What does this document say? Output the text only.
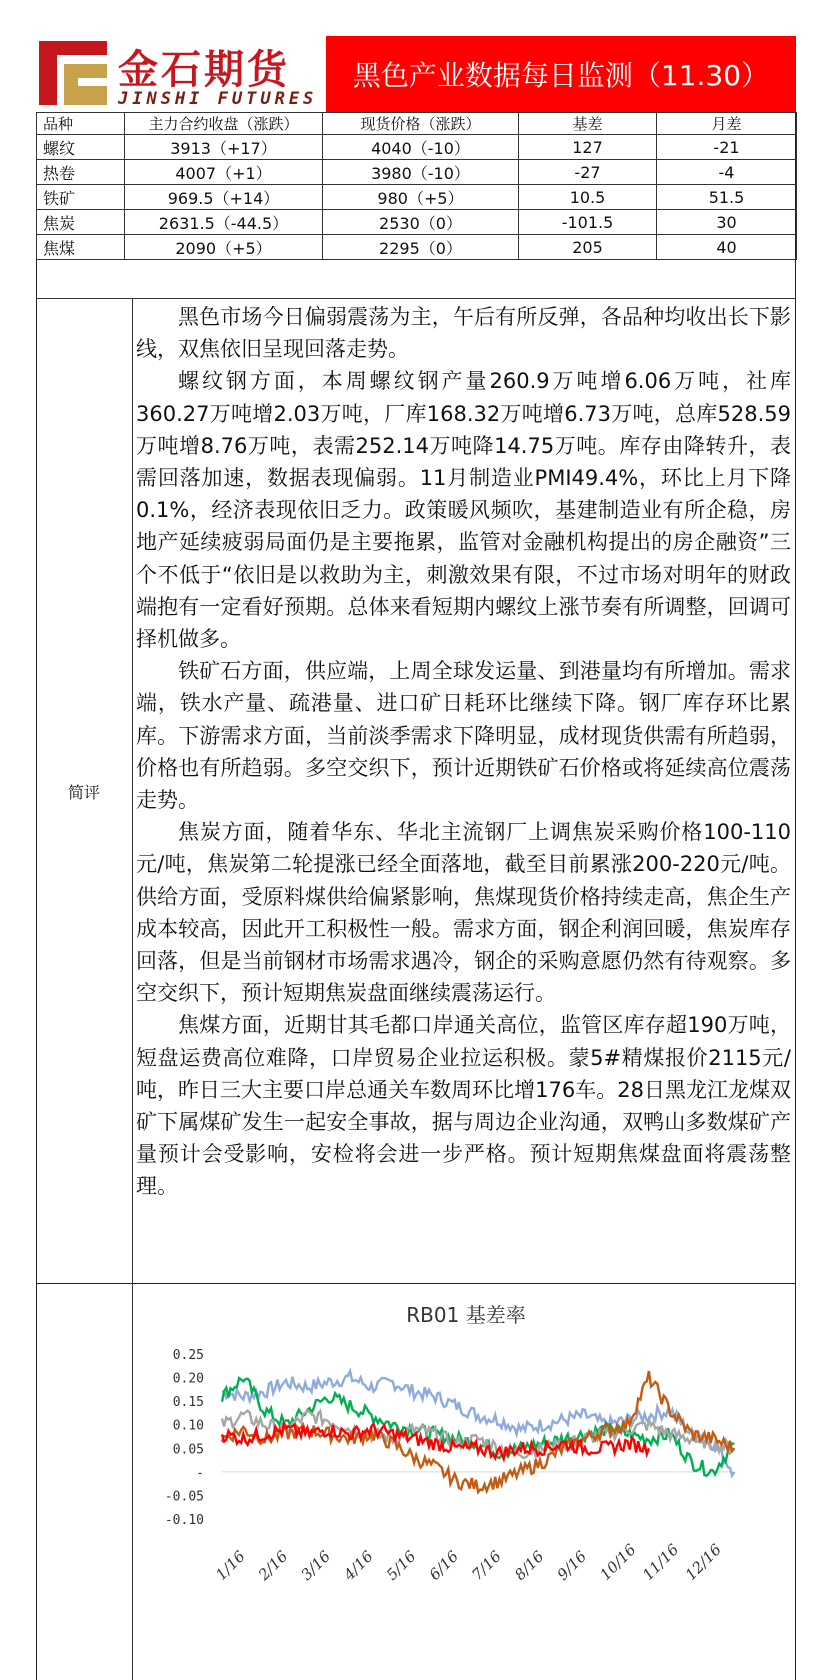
金石期货
JINSHI FUTURES
黑色产业数据每日监测（11.30）
品种	主力合约收盘（涨跌）	现货价格（涨跌）	基差	月差
螺纹	3913（+17）	4040（-10）	127	-21
热卷	4007（+1）	3980（-10）	-27	-4
铁矿	969.5（+14）	980（+5）	10.5	51.5
焦炭	2631.5（-44.5）	2530（0）	-101.5	30
焦煤	2090（+5）	2295（0）	205	40
简评

黑色市场今日偏弱震荡为主，午后有所反弹，各品种均收出长下影线，双焦依旧呈现回落走势。

螺纹钢方面，本周螺纹钢产量260.9万吨增6.06万吨，社库360.27万吨增2.03万吨，厂库168.32万吨增6.73万吨，总库528.59万吨增8.76万吨，表需252.14万吨降14.75万吨。库存由降转升，表需回落加速，数据表现偏弱。11月制造业PMI49.4%，环比上月下降0.1%，经济表现依旧乏力。政策暖风频吹，基建制造业有所企稳，房地产延续疲弱局面仍是主要拖累，监管对金融机构提出的房企融资”三个不低于“依旧是以救助为主，刺激效果有限，不过市场对明年的财政端抱有一定看好预期。总体来看短期内螺纹上涨节奏有所调整，回调可择机做多。

铁矿石方面，供应端，上周全球发运量、到港量均有所增加。需求端，铁水产量、疏港量、进口矿日耗环比继续下降。钢厂库存环比累库。下游需求方面，当前淡季需求下降明显，成材现货供需有所趋弱，价格也有所趋弱。多空交织下，预计近期铁矿石价格或将延续高位震荡走势。

焦炭方面，随着华东、华北主流钢厂上调焦炭采购价格100-110元/吨，焦炭第二轮提涨已经全面落地，截至目前累涨200-220元/吨。供给方面，受原料煤供给偏紧影响，焦煤现货价格持续走高，焦企生产成本较高，因此开工积极性一般。需求方面，钢企利润回暖，焦炭库存回落，但是当前钢材市场需求遇冷，钢企的采购意愿仍然有待观察。多空交织下，预计短期焦炭盘面继续震荡运行。

焦煤方面，近期甘其毛都口岸通关高位，监管区库存超190万吨，短盘运费高位难降，口岸贸易企业拉运积极。蒙5#精煤报价2115元/吨，昨日三大主要口岸总通关车数周环比增176车。28日黑龙江龙煤双矿下属煤矿发生一起安全事故，据与周边企业沟通，双鸭山多数煤矿产量预计会受影响，安检将会进一步严格。预计短期焦煤盘面将震荡整理。

RB01 基差率
0.25
0.20
0.15
0.10
0.05
-
-0.05
-0.10
1/16 2/16 3/16 4/16 5/16 6/16 7/16 8/16 9/16 10/16 11/16 12/16
